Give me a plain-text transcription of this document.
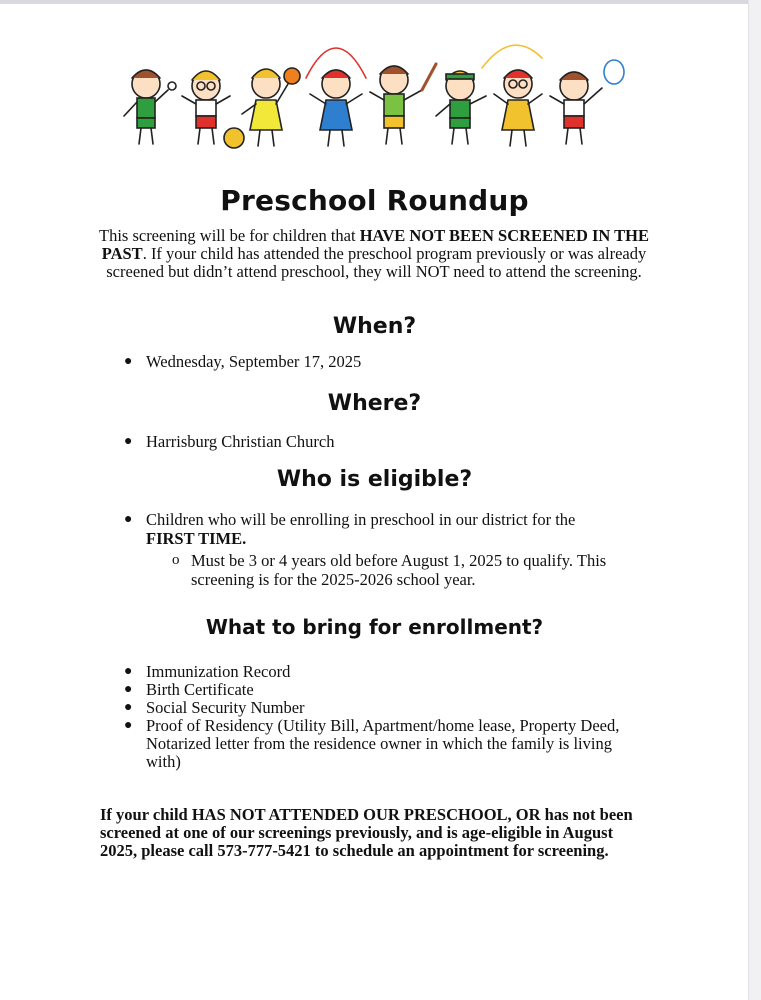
Preschool Roundup

This screening will be for children that HAVE NOT BEEN SCREENED IN THE PAST. If your child has attended the preschool program previously or was already screened but didn’t attend preschool, they will NOT need to attend the screening.

When?
● Wednesday, September 17, 2025
Where?
● Harrisburg Christian Church
Who is eligible?
● Children who will be enrolling in preschool in our district for the
FIRST TIME.
o Must be 3 or 4 years old before August 1, 2025 to qualify. This screening is for the 2025-2026 school year.
What to bring for enrollment?
● Immunization Record
● Birth Certificate
● Social Security Number
● Proof of Residency (Utility Bill, Apartment/home lease, Property Deed, Notarized letter from the residence owner in which the family is living with)

If your child HAS NOT ATTENDED OUR PRESCHOOL, OR has not been screened at one of our screenings previously, and is age-eligible in August 2025, please call 573-777-5421 to schedule an appointment for screening.
